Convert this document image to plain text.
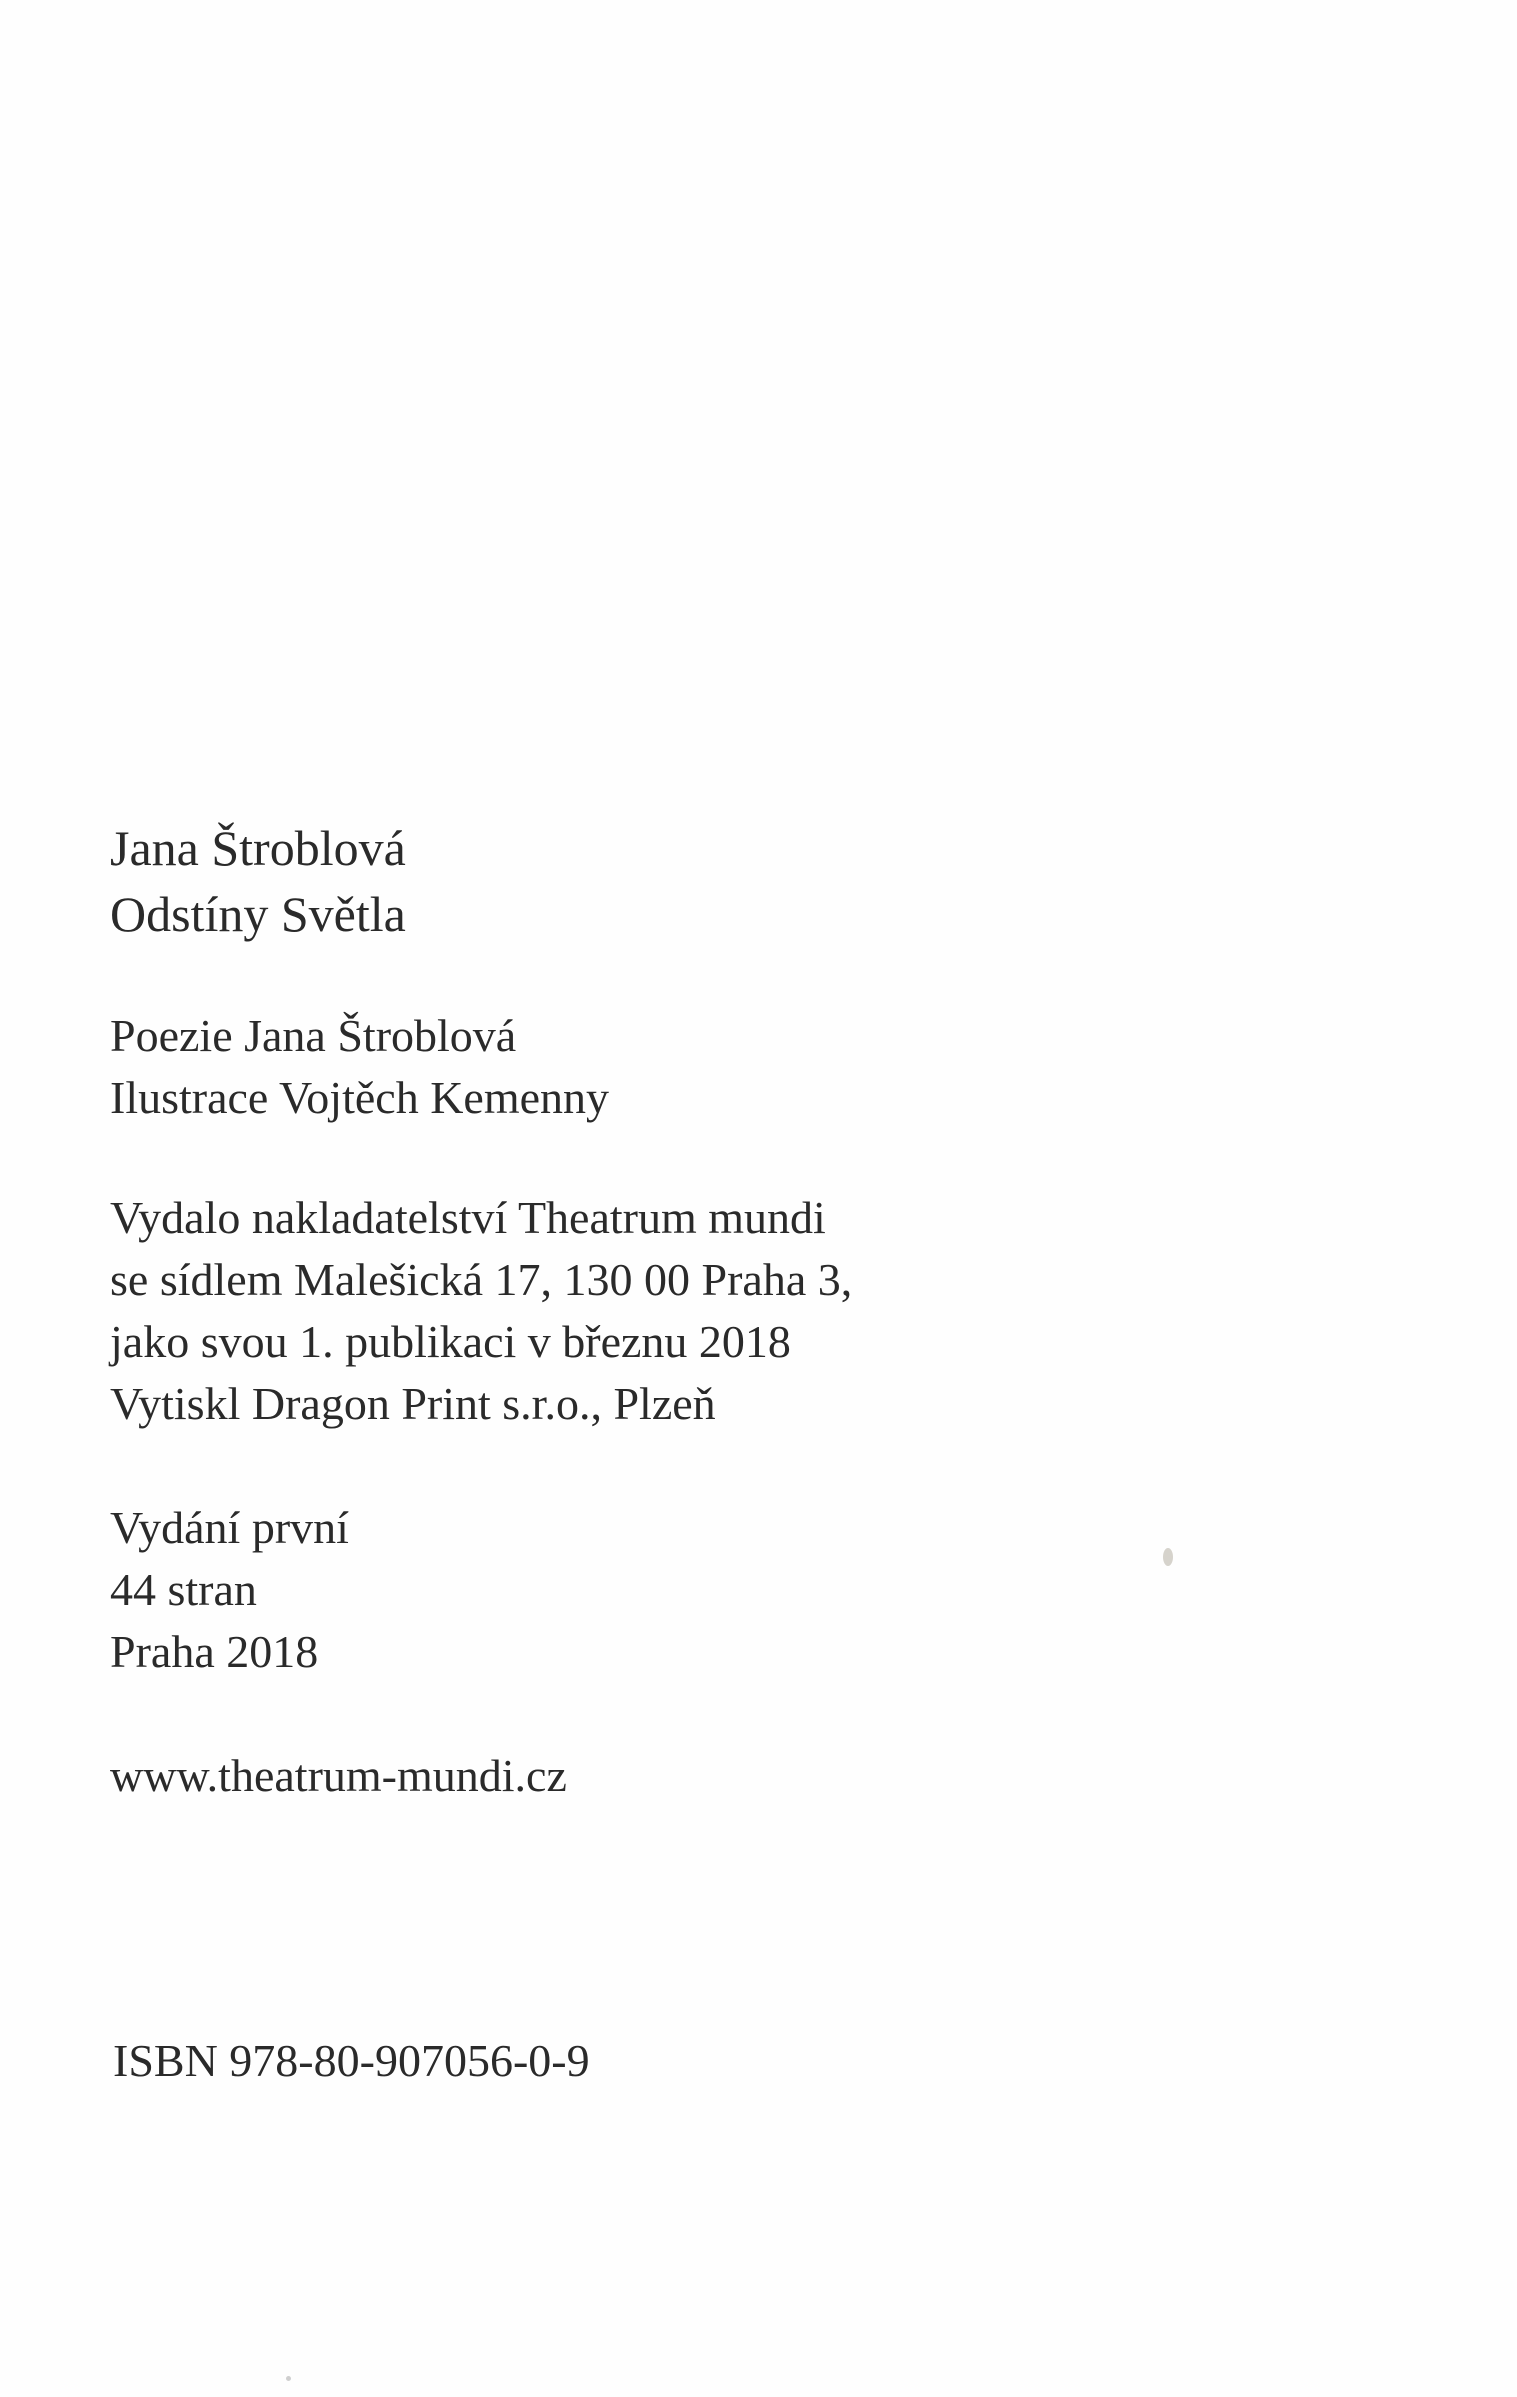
Jana Štroblová
Odstíny Světla
Poezie Jana Štroblová
Ilustrace Vojtěch Kemenny
Vydalo nakladatelství Theatrum mundi
se sídlem Malešická 17, 130 00 Praha 3,
jako svou 1. publikaci v březnu 2018
Vytiskl Dragon Print s.r.o., Plzeň
Vydání první
44 stran
Praha 2018
www.theatrum-mundi.cz
ISBN 978-80-907056-0-9
